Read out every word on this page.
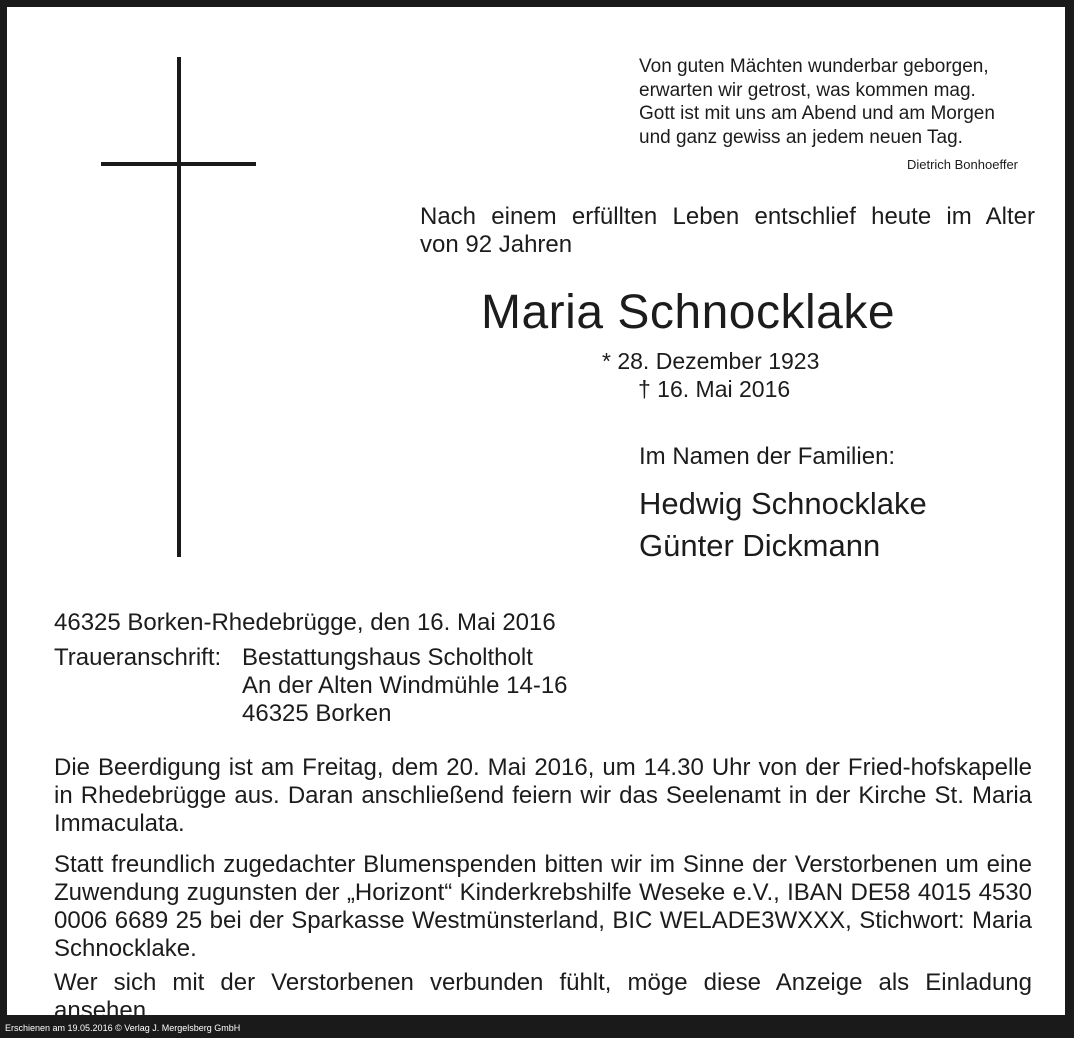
Von guten Mächten wunderbar geborgen,
erwarten wir getrost, was kommen mag.
Gott ist mit uns am Abend und am Morgen
und ganz gewiss an jedem neuen Tag.
Dietrich Bonhoeffer
Nach einem erfüllten Leben entschlief heute im Alter
von 92 Jahren
Maria Schnocklake
* 28. Dezember 1923
† 16. Mai 2016
Im Namen der Familien:
Hedwig Schnocklake
Günter Dickmann
46325 Borken-Rhedebrügge, den 16. Mai 2016
Traueranschrift: Bestattungshaus Scholtholt
An der Alten Windmühle 14-16
46325 Borken
Die Beerdigung ist am Freitag, dem 20. Mai 2016, um 14.30 Uhr von der Fried-hofskapelle in Rhedebrügge aus. Daran anschließend feiern wir das Seelenamt in der Kirche St. Maria Immaculata.
Statt freundlich zugedachter Blumenspenden bitten wir im Sinne der Verstorbenen um eine Zuwendung zugunsten der „Horizont“ Kinderkrebshilfe Weseke e.V., IBAN DE58 4015 4530 0006 6689 25 bei der Sparkasse Westmünsterland, BIC WELADE3WXXX, Stichwort: Maria Schnocklake.
Wer sich mit der Verstorbenen verbunden fühlt, möge diese Anzeige als Einladung ansehen.
Erschienen am 19.05.2016 © Verlag J. Mergelsberg GmbH
